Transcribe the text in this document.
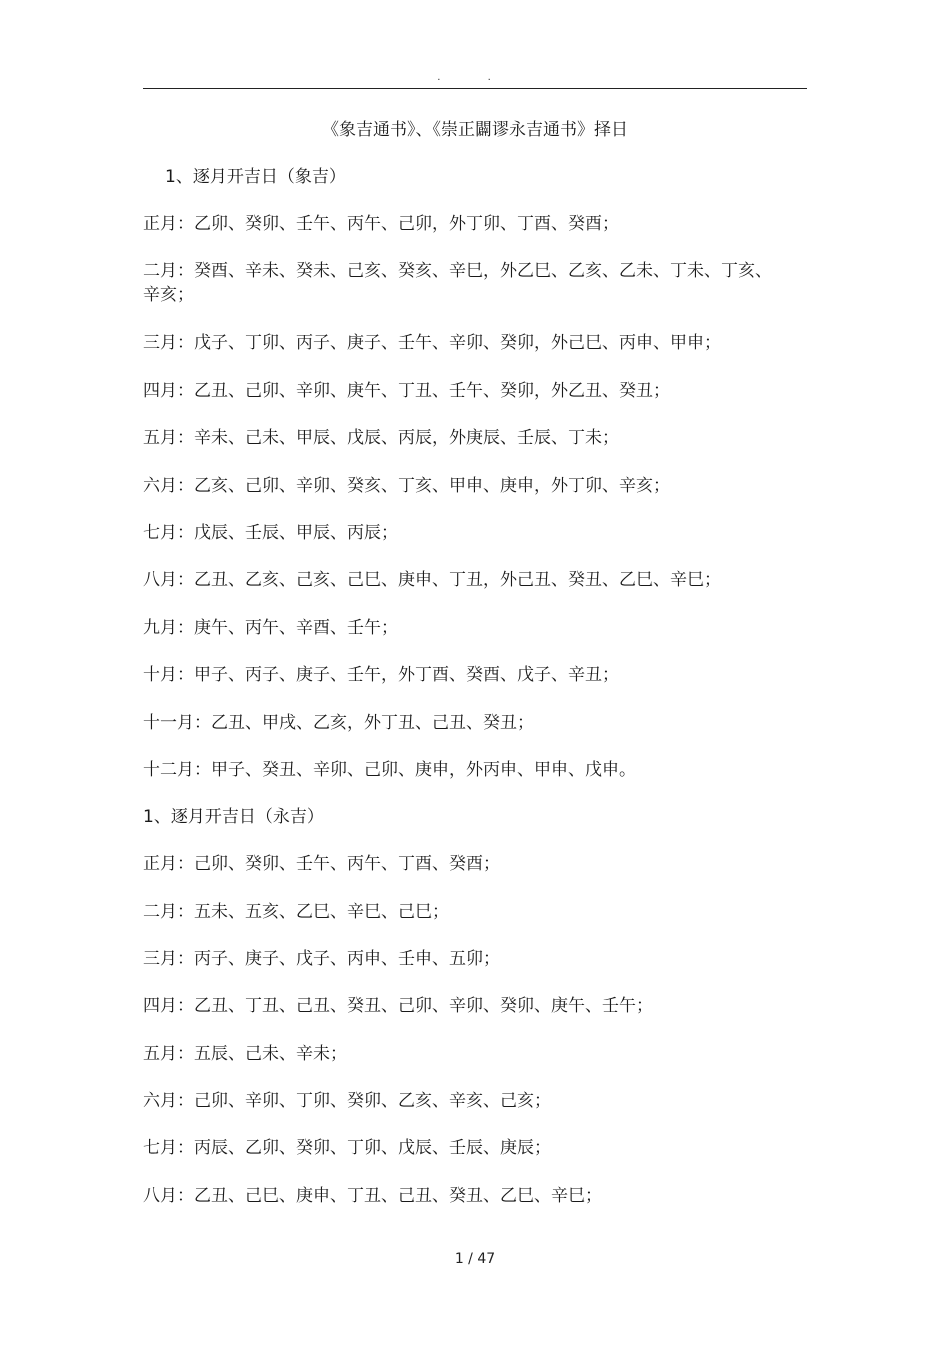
. .
《象吉通书》、《崇正闢谬永吉通书》择日

1、逐月开吉日（象吉）

正月：乙卯、癸卯、壬午、丙午、己卯，外丁卯、丁酉、癸酉；

二月：癸酉、辛未、癸未、己亥、癸亥、辛巳，外乙巳、乙亥、乙未、丁未、丁亥、辛亥；

三月：戊子、丁卯、丙子、庚子、壬午、辛卯、癸卯，外己巳、丙申、甲申；

四月：乙丑、己卯、辛卯、庚午、丁丑、壬午、癸卯，外乙丑、癸丑；

五月：辛未、己未、甲辰、戊辰、丙辰，外庚辰、壬辰、丁未；

六月：乙亥、己卯、辛卯、癸亥、丁亥、甲申、庚申，外丁卯、辛亥；

七月：戊辰、壬辰、甲辰、丙辰；

八月：乙丑、乙亥、己亥、己巳、庚申、丁丑，外己丑、癸丑、乙巳、辛巳；

九月：庚午、丙午、辛酉、壬午；

十月：甲子、丙子、庚子、壬午，外丁酉、癸酉、戊子、辛丑；

十一月：乙丑、甲戌、乙亥，外丁丑、己丑、癸丑；

十二月：甲子、癸丑、辛卯、己卯、庚申，外丙申、甲申、戊申。

1、逐月开吉日（永吉）

正月：己卯、癸卯、壬午、丙午、丁酉、癸酉；

二月：五未、五亥、乙巳、辛巳、己巳；

三月：丙子、庚子、戊子、丙申、壬申、五卯；

四月：乙丑、丁丑、己丑、癸丑、己卯、辛卯、癸卯、庚午、壬午；

五月：五辰、己未、辛未；

六月：己卯、辛卯、丁卯、癸卯、乙亥、辛亥、己亥；

七月：丙辰、乙卯、癸卯、丁卯、戊辰、壬辰、庚辰；

八月：乙丑、己巳、庚申、丁丑、己丑、癸丑、乙巳、辛巳；

1 / 47
